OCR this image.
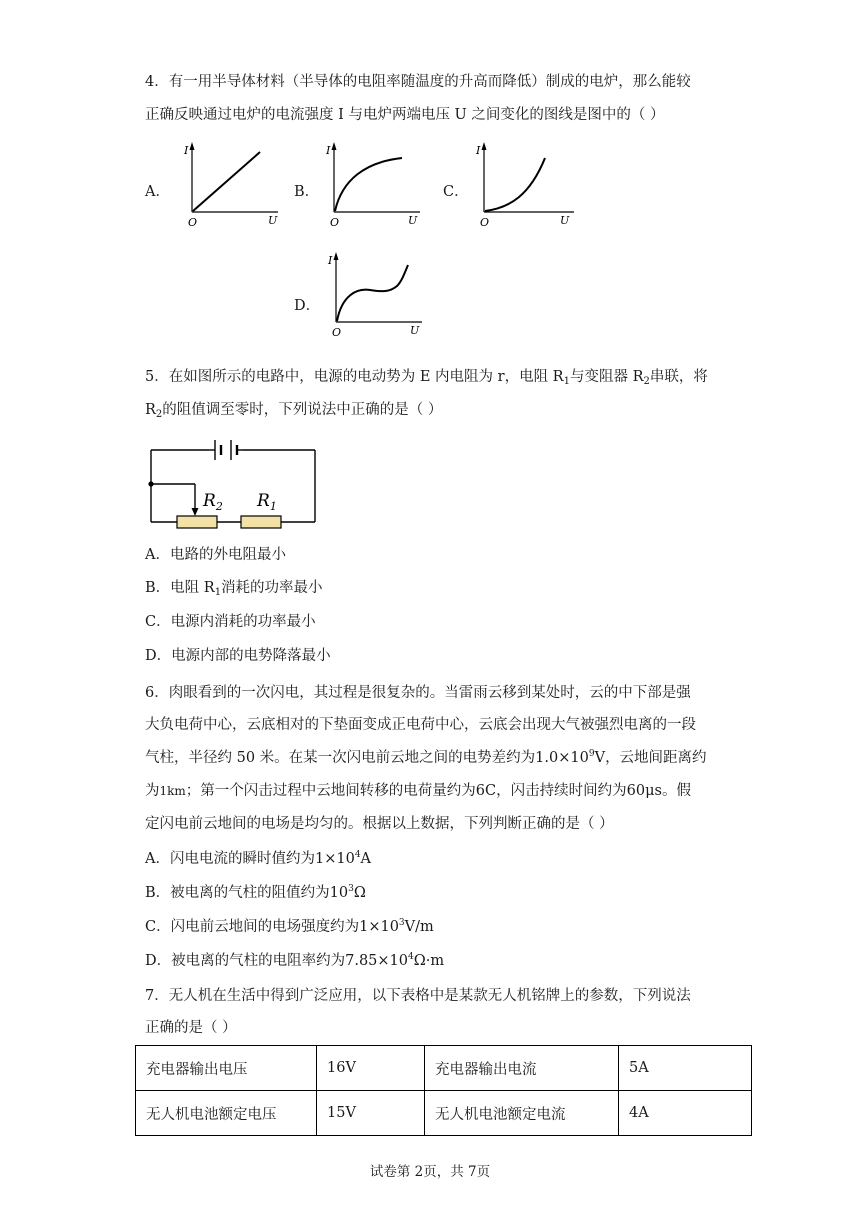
4．有一用半导体材料（半导体的电阻率随温度的升高而降低）制成的电炉，那么能较
正确反映通过电炉的电流强度 I 与电炉两端电压 U 之间变化的图线是图中的（ ）
A．
I
U
O
B．
I
U
O
C．
I
U
O
D．
I
U
O
5．在如图所示的电路中，电源的电动势为 E 内电阻为 r，电阻 $R_1$与变阻器 $R_2$串联，将
$R_2$的阻值调至零时，下列说法中正确的是（ ）
$R_2$ $R_1$
A．电路的外电阻最小
B．电阻 $R_1$消耗的功率最小
C．电源内消耗的功率最小
D．电源内部的电势降落最小
6．肉眼看到的一次闪电，其过程是很复杂的。当雷雨云移到某处时，云的中下部是强
大负电荷中心，云底相对的下垫面变成正电荷中心，云底会出现大气被强烈电离的一段
气柱，半径约 50 米。在某一次闪电前云地之间的电势差约为$1.0\times 10^9V$，云地间距离约
为1km；第一个闪击过程中云地间转移的电荷量约为6C，闪击持续时间约为60μs。假
定闪电前云地间的电场是均匀的。根据以上数据，下列判断正确的是（ ）
A．闪电电流的瞬时值约为$1\times 10^4A$
B．被电离的气柱的阻值约为$10^3\Omega$
C．闪电前云地间的电场强度约为$1\times 10^3V/m$
D．被电离的气柱的电阻率约为$7.85\times 10^4\Omega\cdot m$
7．无人机在生活中得到广泛应用，以下表格中是某款无人机铭牌上的参数，下列说法
正确的是（ ）
充电器输出电压	16V	充电器输出电流	5A
无人机电池额定电压	15V	无人机电池额定电流	4A
试卷第 2页，共 7页
